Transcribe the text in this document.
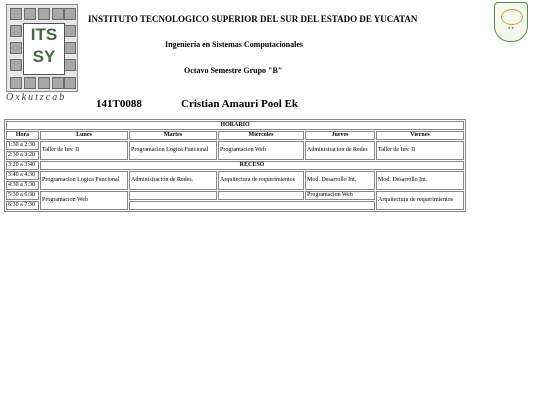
ITS SY
Oxkutzcab
● ●
INSTITUTO TECNOLOGICO SUPERIOR DEL SUR DEL ESTADO DE YUCATAN
Ingeniería en Sistemas Computacionales
Octavo Semestre Grupo "B"
141T0088	Cristian Amauri Pool Ek
HORARIO					
Hora	Lunes	Martes	Miércoles	Jueves	Viernes
1:30 a 2:30	Taller de Inv. II	Programacion Logica Funcional	Programacion Web	Administracion de Redes	Taller de Inv. II
2:30 a 3:20					
3:20 a 3:40	RECESO				
3:40 a 4:30	Programacion Logica Funcional	Administración de Redes.	Arquitectura de requerimientos	Mod. Desarrollo Int.	Mod. Desarrollo Int.
4:30 a 5:30					
5:30 a 6:30	Programacion Web			Programacion Web	Arquitectura de requerimientos
6:30 a 7:30					
